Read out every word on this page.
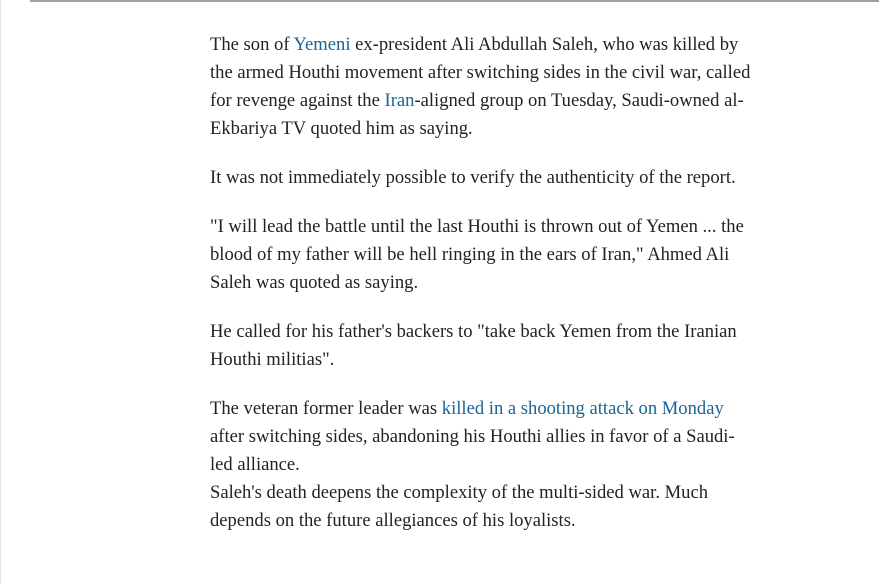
The son of Yemeni ex-president Ali Abdullah Saleh, who was killed by the armed Houthi movement after switching sides in the civil war, called for revenge against the Iran-aligned group on Tuesday, Saudi-owned al-Ekbariya TV quoted him as saying.

It was not immediately possible to verify the authenticity of the report.

"I will lead the battle until the last Houthi is thrown out of Yemen ... the blood of my father will be hell ringing in the ears of Iran," Ahmed Ali Saleh was quoted as saying.

He called for his father's backers to "take back Yemen from the Iranian Houthi militias".

The veteran former leader was killed in a shooting attack on Monday after switching sides, abandoning his Houthi allies in favor of a Saudi-led alliance.

Saleh's death deepens the complexity of the multi-sided war. Much depends on the future allegiances of his loyalists.
